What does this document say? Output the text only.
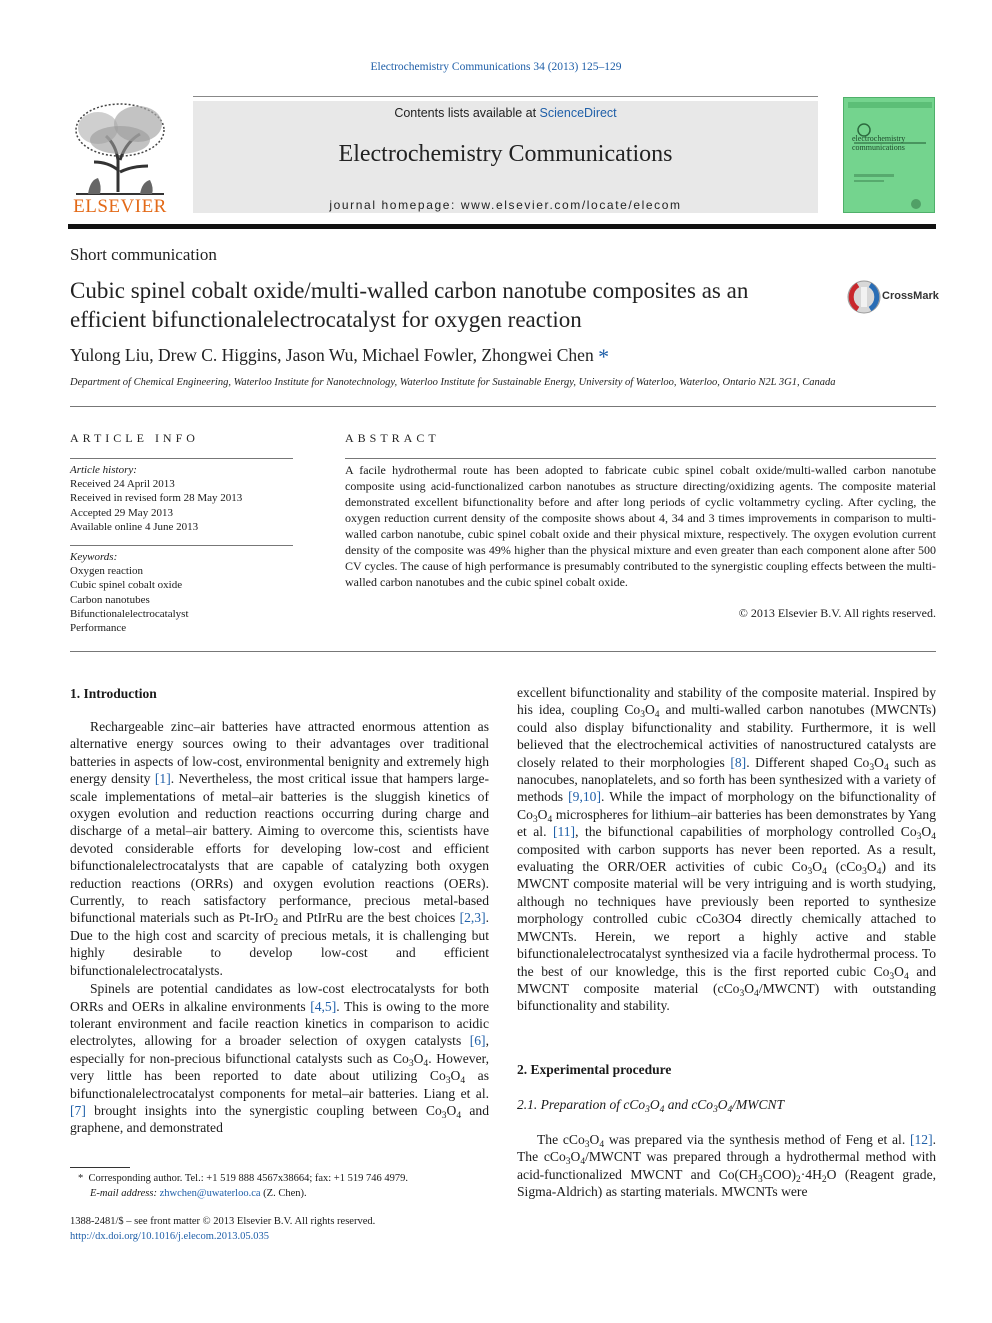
Electrochemistry Communications 34 (2013) 125–129
ELSEVIER
Contents lists available at ScienceDirect
Electrochemistry Communications
journal homepage: www.elsevier.com/locate/elecom
electrochemistry communications
Short communication
Cubic spinel cobalt oxide/multi-walled carbon nanotube composites as an
efficient bifunctionalelectrocatalyst for oxygen reaction
CrossMark
Yulong Liu, Drew C. Higgins, Jason Wu, Michael Fowler, Zhongwei Chen *
Department of Chemical Engineering, Waterloo Institute for Nanotechnology, Waterloo Institute for Sustainable Energy, University of Waterloo, Waterloo, Ontario N2L 3G1, Canada
ARTICLE INFO
Article history:
Received 24 April 2013
Received in revised form 28 May 2013
Accepted 29 May 2013
Available online 4 June 2013
Keywords:
Oxygen reaction
Cubic spinel cobalt oxide
Carbon nanotubes
Bifunctionalelectrocatalyst
Performance
ABSTRACT
A facile hydrothermal route has been adopted to fabricate cubic spinel cobalt oxide/multi-walled carbon nanotube composite using acid-functionalized carbon nanotubes as structure directing/oxidizing agents. The composite material demonstrated excellent bifunctionality before and after long periods of cyclic voltammetry cycling. After cycling, the oxygen reduction current density of the composite shows about 4, 34 and 3 times improvements in comparison to multi-walled carbon nanotube, cubic spinel cobalt oxide and their physical mixture, respectively. The oxygen evolution current density of the composite was 49% higher than the physical mixture and even greater than each component alone after 500 CV cycles. The cause of high performance is presumably contributed to the synergistic coupling effects between the multi-walled carbon nanotubes and the cubic spinel cobalt oxide.
© 2013 Elsevier B.V. All rights reserved.
1. Introduction

Rechargeable zinc–air batteries have attracted enormous attention as alternative energy sources owing to their advantages over traditional batteries in aspects of low-cost, environmental benignity and extremely high energy density [1]. Nevertheless, the most critical issue that hampers large-scale implementations of metal–air batteries is the sluggish kinetics of oxygen evolution and reduction reactions occurring during charge and discharge of a metal–air battery. Aiming to overcome this, scientists have devoted considerable efforts for developing low-cost and efficient bifunctionalelectrocatalysts that are capable of catalyzing both oxygen reduction reactions (ORRs) and oxygen evolution reactions (OERs). Currently, to reach satisfactory performance, precious metal-based bifunctional materials such as Pt-IrO$_2$ and PtIrRu are the best choices [2,3]. Due to the high cost and scarcity of precious metals, it is challenging but highly desirable to develop low-cost and efficient bifunctionalelectrocatalysts.

Spinels are potential candidates as low-cost electrocatalysts for both ORRs and OERs in alkaline environments [4,5]. This is owing to the more tolerant environment and facile reaction kinetics in comparison to acidic electrolytes, allowing for a broader selection of oxygen catalysts [6], especially for non-precious bifunctional catalysts such as $Co_3O_4$. However, very little has been reported to date about utilizing $Co_3O_4$ as bifunctionalelectrocatalyst components for metal–air batteries. Liang et al. [7] brought insights into the synergistic coupling between $Co_3O_4$ and graphene, and demonstrated

excellent bifunctionality and stability of the composite material. Inspired by his idea, coupling $Co_3O_4$ and multi-walled carbon nanotubes (MWCNTs) could also display bifunctionality and stability. Furthermore, it is well believed that the electrochemical activities of nanostructured catalysts are closely related to their morphologies [8]. Different shaped $Co_3O_4$ such as nanocubes, nanoplatelets, and so forth has been synthesized with a variety of methods [9,10]. While the impact of morphology on the bifunctionality of $Co_3O_4$ microspheres for lithium–air batteries has been demonstrates by Yang et al. [11], the bifunctional capabilities of morphology controlled $Co_3O_4$ composited with carbon supports has never been reported. As a result, evaluating the ORR/OER activities of cubic $Co_3O_4$ $(cCo_3O_4)$ and its MWCNT composite material will be very intriguing and is worth studying, although no techniques have previously been reported to synthesize morphology controlled cubic cCo3O4 directly chemically attached to MWCNTs. Herein, we report a highly active and stable bifunctionalelectrocatalyst synthesized via a facile hydrothermal process. To the best of our knowledge, this is the first reported cubic $Co_3O_4$ and MWCNT composite material $(cCo_3O_4/MWCNT)$ with outstanding bifunctionality and stability.

2. Experimental procedure
2.1. Preparation of $cCo_3O_4$ and $cCo_3O_4$/MWCNT

The $cCo_3O_4$ was prepared via the synthesis method of Feng et al. [12]. The $cCo_3O_4$/MWCNT was prepared through a hydrothermal method with acid-functionalized MWCNT and $Co(CH_3COO)_2\cdot 4H_2O$ (Reagent grade, Sigma-Aldrich) as starting materials. MWCNTs were

* Corresponding author. Tel.: +1 519 888 4567x38664; fax: +1 519 746 4979.
E-mail address: zhwchen@uwaterloo.ca (Z. Chen).
1388-2481/$ – see front matter © 2013 Elsevier B.V. All rights reserved.
http://dx.doi.org/10.1016/j.elecom.2013.05.035
